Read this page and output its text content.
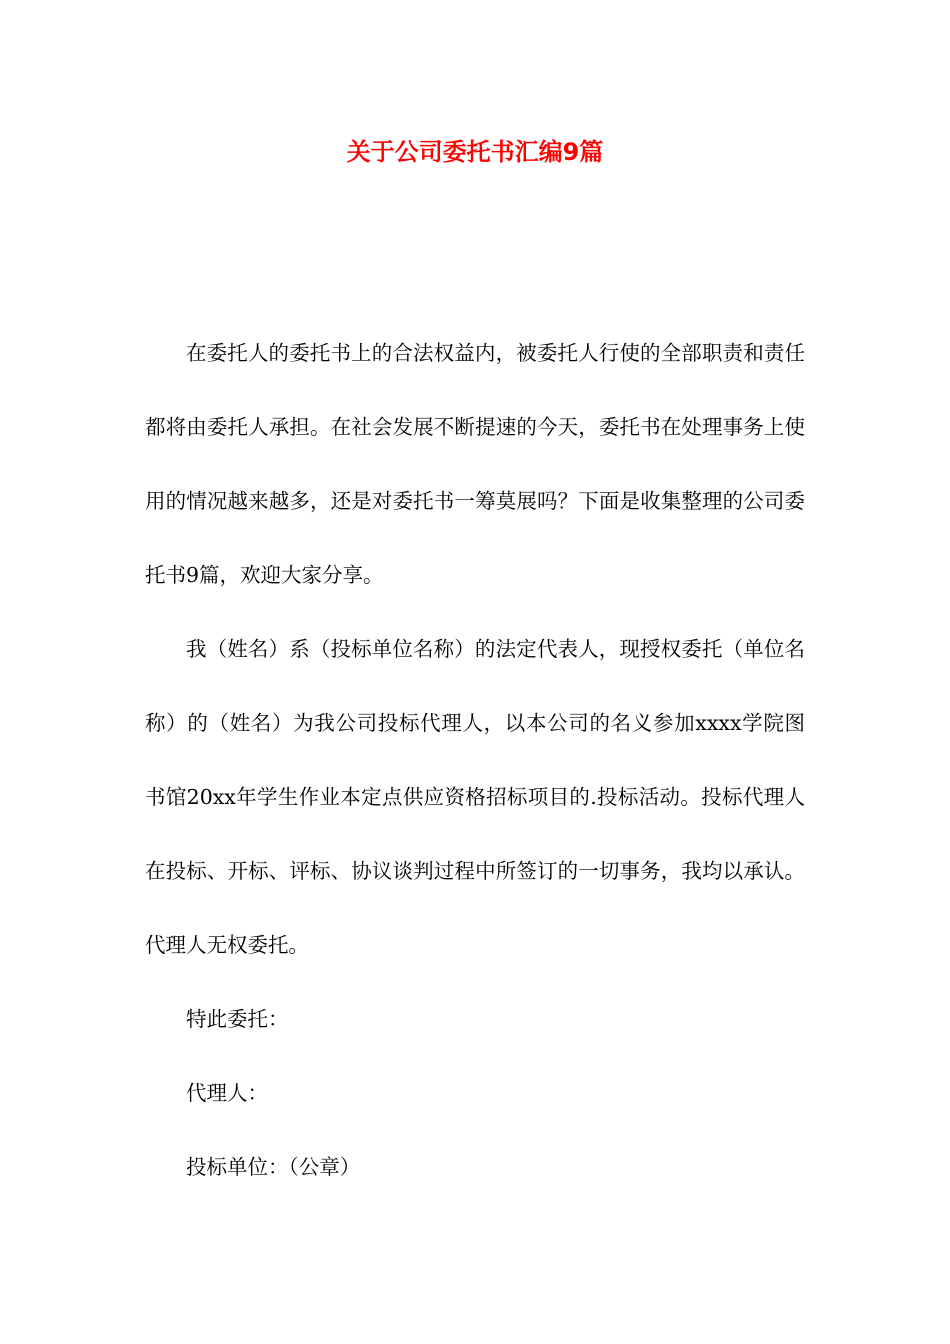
关于公司委托书汇编9篇

在委托人的委托书上的合法权益内，被委托人行使的全部职责和责任都将由委托人承担。在社会发展不断提速的今天，委托书在处理事务上使用的情况越来越多，还是对委托书一筹莫展吗？下面是收集整理的公司委托书9篇，欢迎大家分享。

我（姓名）系（投标单位名称）的法定代表人，现授权委托（单位名称）的（姓名）为我公司投标代理人，以本公司的名义参加xxxx学院图书馆20xx年学生作业本定点供应资格招标项目的.投标活动。投标代理人在投标、开标、评标、协议谈判过程中所签订的一切事务，我均以承认。代理人无权委托。

特此委托：

代理人：

投标单位：（公章）
